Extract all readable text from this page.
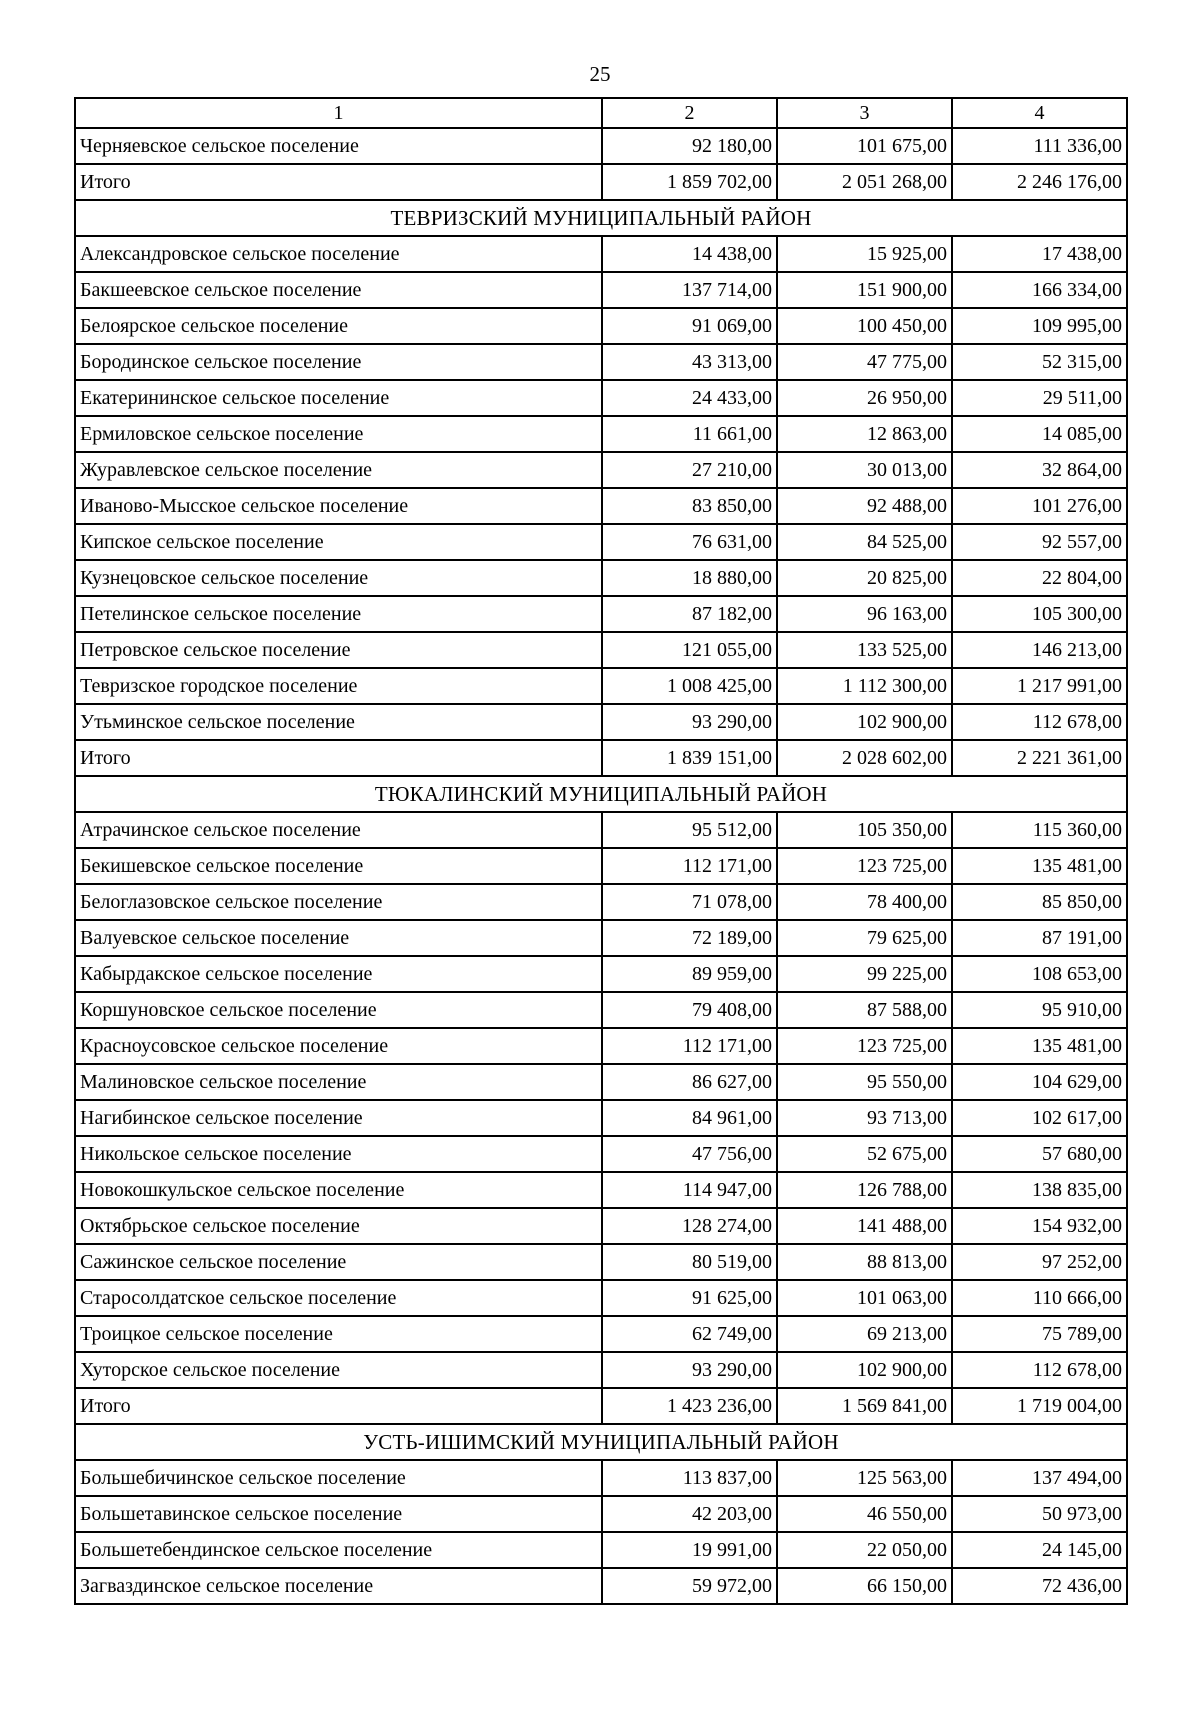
25
1	2	3	4
Черняевское сельское поселение	92 180,00	101 675,00	111 336,00
Итого	1 859 702,00	2 051 268,00	2 246 176,00
ТЕВРИЗСКИЙ МУНИЦИПАЛЬНЫЙ РАЙОН			
Александровское сельское поселение	14 438,00	15 925,00	17 438,00
Бакшеевское сельское поселение	137 714,00	151 900,00	166 334,00
Белоярское сельское поселение	91 069,00	100 450,00	109 995,00
Бородинское сельское поселение	43 313,00	47 775,00	52 315,00
Екатерининское сельское поселение	24 433,00	26 950,00	29 511,00
Ермиловское сельское поселение	11 661,00	12 863,00	14 085,00
Журавлевское сельское поселение	27 210,00	30 013,00	32 864,00
Иваново-Мысское сельское поселение	83 850,00	92 488,00	101 276,00
Кипское сельское поселение	76 631,00	84 525,00	92 557,00
Кузнецовское сельское поселение	18 880,00	20 825,00	22 804,00
Петелинское сельское поселение	87 182,00	96 163,00	105 300,00
Петровское сельское поселение	121 055,00	133 525,00	146 213,00
Тевризское городское поселение	1 008 425,00	1 112 300,00	1 217 991,00
Утьминское сельское поселение	93 290,00	102 900,00	112 678,00
Итого	1 839 151,00	2 028 602,00	2 221 361,00
ТЮКАЛИНСКИЙ МУНИЦИПАЛЬНЫЙ РАЙОН			
Атрачинское сельское поселение	95 512,00	105 350,00	115 360,00
Бекишевское сельское поселение	112 171,00	123 725,00	135 481,00
Белоглазовское сельское поселение	71 078,00	78 400,00	85 850,00
Валуевское сельское поселение	72 189,00	79 625,00	87 191,00
Кабырдакское сельское поселение	89 959,00	99 225,00	108 653,00
Коршуновское сельское поселение	79 408,00	87 588,00	95 910,00
Красноусовское сельское поселение	112 171,00	123 725,00	135 481,00
Малиновское сельское поселение	86 627,00	95 550,00	104 629,00
Нагибинское сельское поселение	84 961,00	93 713,00	102 617,00
Никольское сельское поселение	47 756,00	52 675,00	57 680,00
Новокошкульское сельское поселение	114 947,00	126 788,00	138 835,00
Октябрьское сельское поселение	128 274,00	141 488,00	154 932,00
Сажинское сельское поселение	80 519,00	88 813,00	97 252,00
Старосолдатское сельское поселение	91 625,00	101 063,00	110 666,00
Троицкое сельское поселение	62 749,00	69 213,00	75 789,00
Хуторское сельское поселение	93 290,00	102 900,00	112 678,00
Итого	1 423 236,00	1 569 841,00	1 719 004,00
УСТЬ-ИШИМСКИЙ МУНИЦИПАЛЬНЫЙ РАЙОН			
Большебичинское сельское поселение	113 837,00	125 563,00	137 494,00
Большетавинское сельское поселение	42 203,00	46 550,00	50 973,00
Большетебендинское сельское поселение	19 991,00	22 050,00	24 145,00
Загваздинское сельское поселение	59 972,00	66 150,00	72 436,00
